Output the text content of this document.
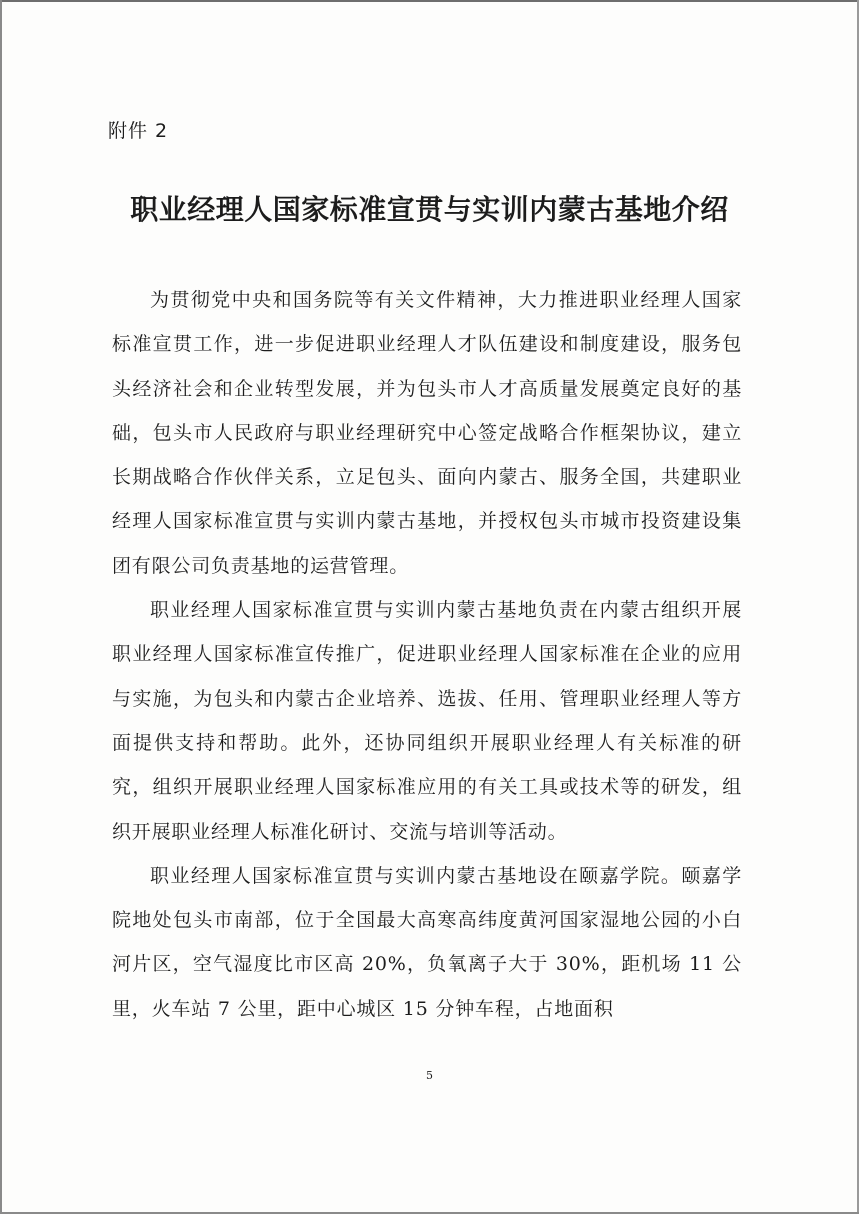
附件 2
职业经理人国家标准宣贯与实训内蒙古基地介绍

为贯彻党中央和国务院等有关文件精神，大力推进职业经理人国家标准宣贯工作，进一步促进职业经理人才队伍建设和制度建设，服务包头经济社会和企业转型发展，并为包头市人才高质量发展奠定良好的基础，包头市人民政府与职业经理研究中心签定战略合作框架协议，建立长期战略合作伙伴关系，立足包头、面向内蒙古、服务全国，共建职业经理人国家标准宣贯与实训内蒙古基地，并授权包头市城市投资建设集团有限公司负责基地的运营管理。

职业经理人国家标准宣贯与实训内蒙古基地负责在内蒙古组织开展职业经理人国家标准宣传推广，促进职业经理人国家标准在企业的应用与实施，为包头和内蒙古企业培养、选拔、任用、管理职业经理人等方面提供支持和帮助。此外，还协同组织开展职业经理人有关标准的研究，组织开展职业经理人国家标准应用的有关工具或技术等的研发，组织开展职业经理人标准化研讨、交流与培训等活动。

职业经理人国家标准宣贯与实训内蒙古基地设在颐嘉学院。颐嘉学院地处包头市南部，位于全国最大高寒高纬度黄河国家湿地公园的小白河片区，空气湿度比市区高 20%，负氧离子大于 30%，距机场 11 公里，火车站 7 公里，距中心城区 15 分钟车程，占地面积

5
